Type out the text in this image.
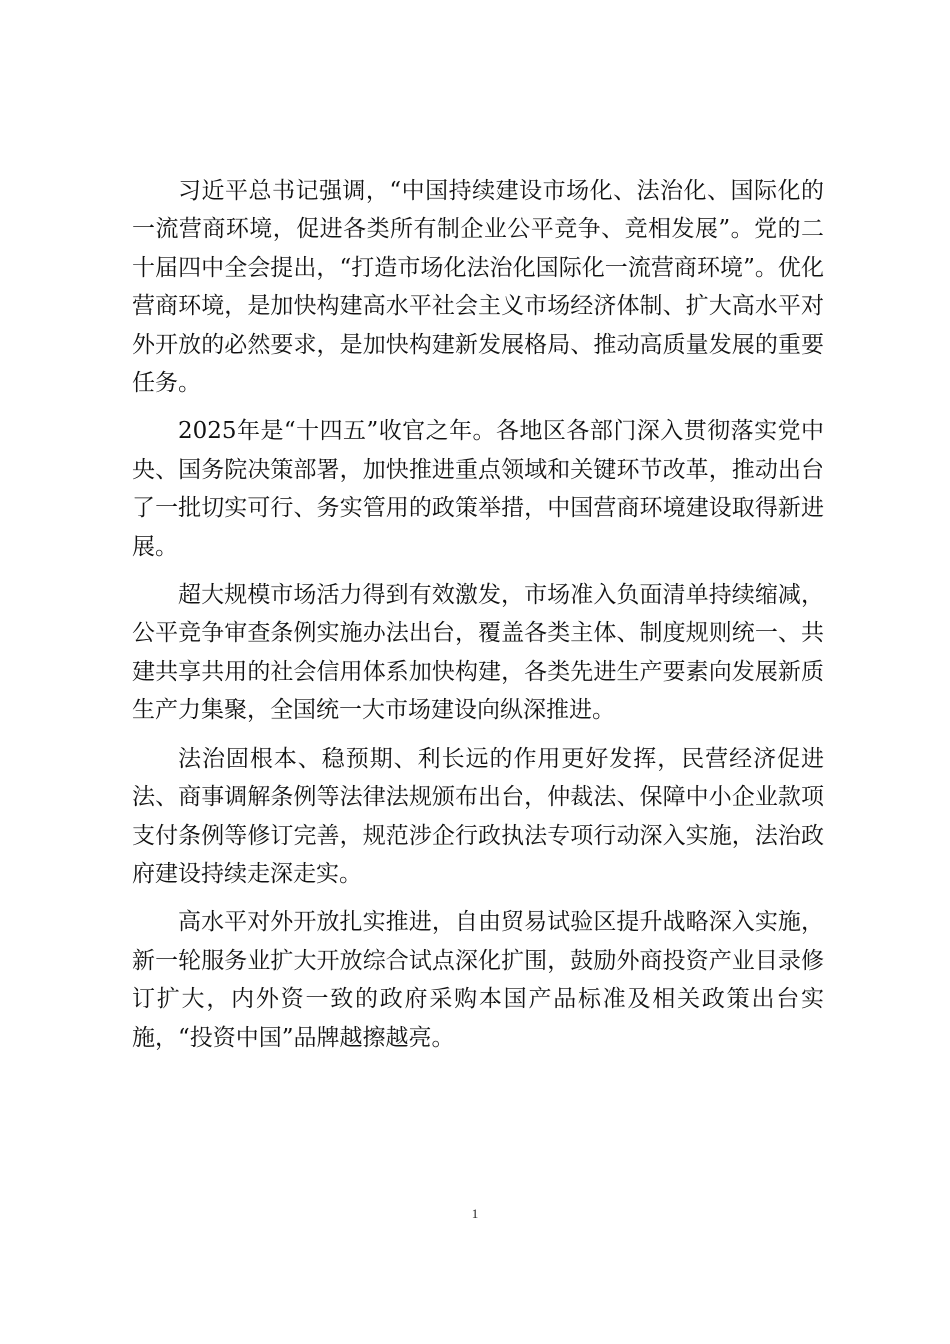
习近平总书记强调，“中国持续建设市场化、法治化、国际化的一流营商环境，促进各类所有制企业公平竞争、竞相发展”。党的二十届四中全会提出，“打造市场化法治化国际化一流营商环境”。优化营商环境，是加快构建高水平社会主义市场经济体制、扩大高水平对外开放的必然要求，是加快构建新发展格局、推动高质量发展的重要任务。

2025年是“十四五”收官之年。各地区各部门深入贯彻落实党中央、国务院决策部署，加快推进重点领域和关键环节改革，推动出台了一批切实可行、务实管用的政策举措，中国营商环境建设取得新进展。

超大规模市场活力得到有效激发，市场准入负面清单持续缩减，公平竞争审查条例实施办法出台，覆盖各类主体、制度规则统一、共建共享共用的社会信用体系加快构建，各类先进生产要素向发展新质生产力集聚，全国统一大市场建设向纵深推进。

法治固根本、稳预期、利长远的作用更好发挥，民营经济促进法、商事调解条例等法律法规颁布出台，仲裁法、保障中小企业款项支付条例等修订完善，规范涉企行政执法专项行动深入实施，法治政府建设持续走深走实。

高水平对外开放扎实推进，自由贸易试验区提升战略深入实施，新一轮服务业扩大开放综合试点深化扩围，鼓励外商投资产业目录修订扩大，内外资一致的政府采购本国产品标准及相关政策出台实施，“投资中国”品牌越擦越亮。

1
